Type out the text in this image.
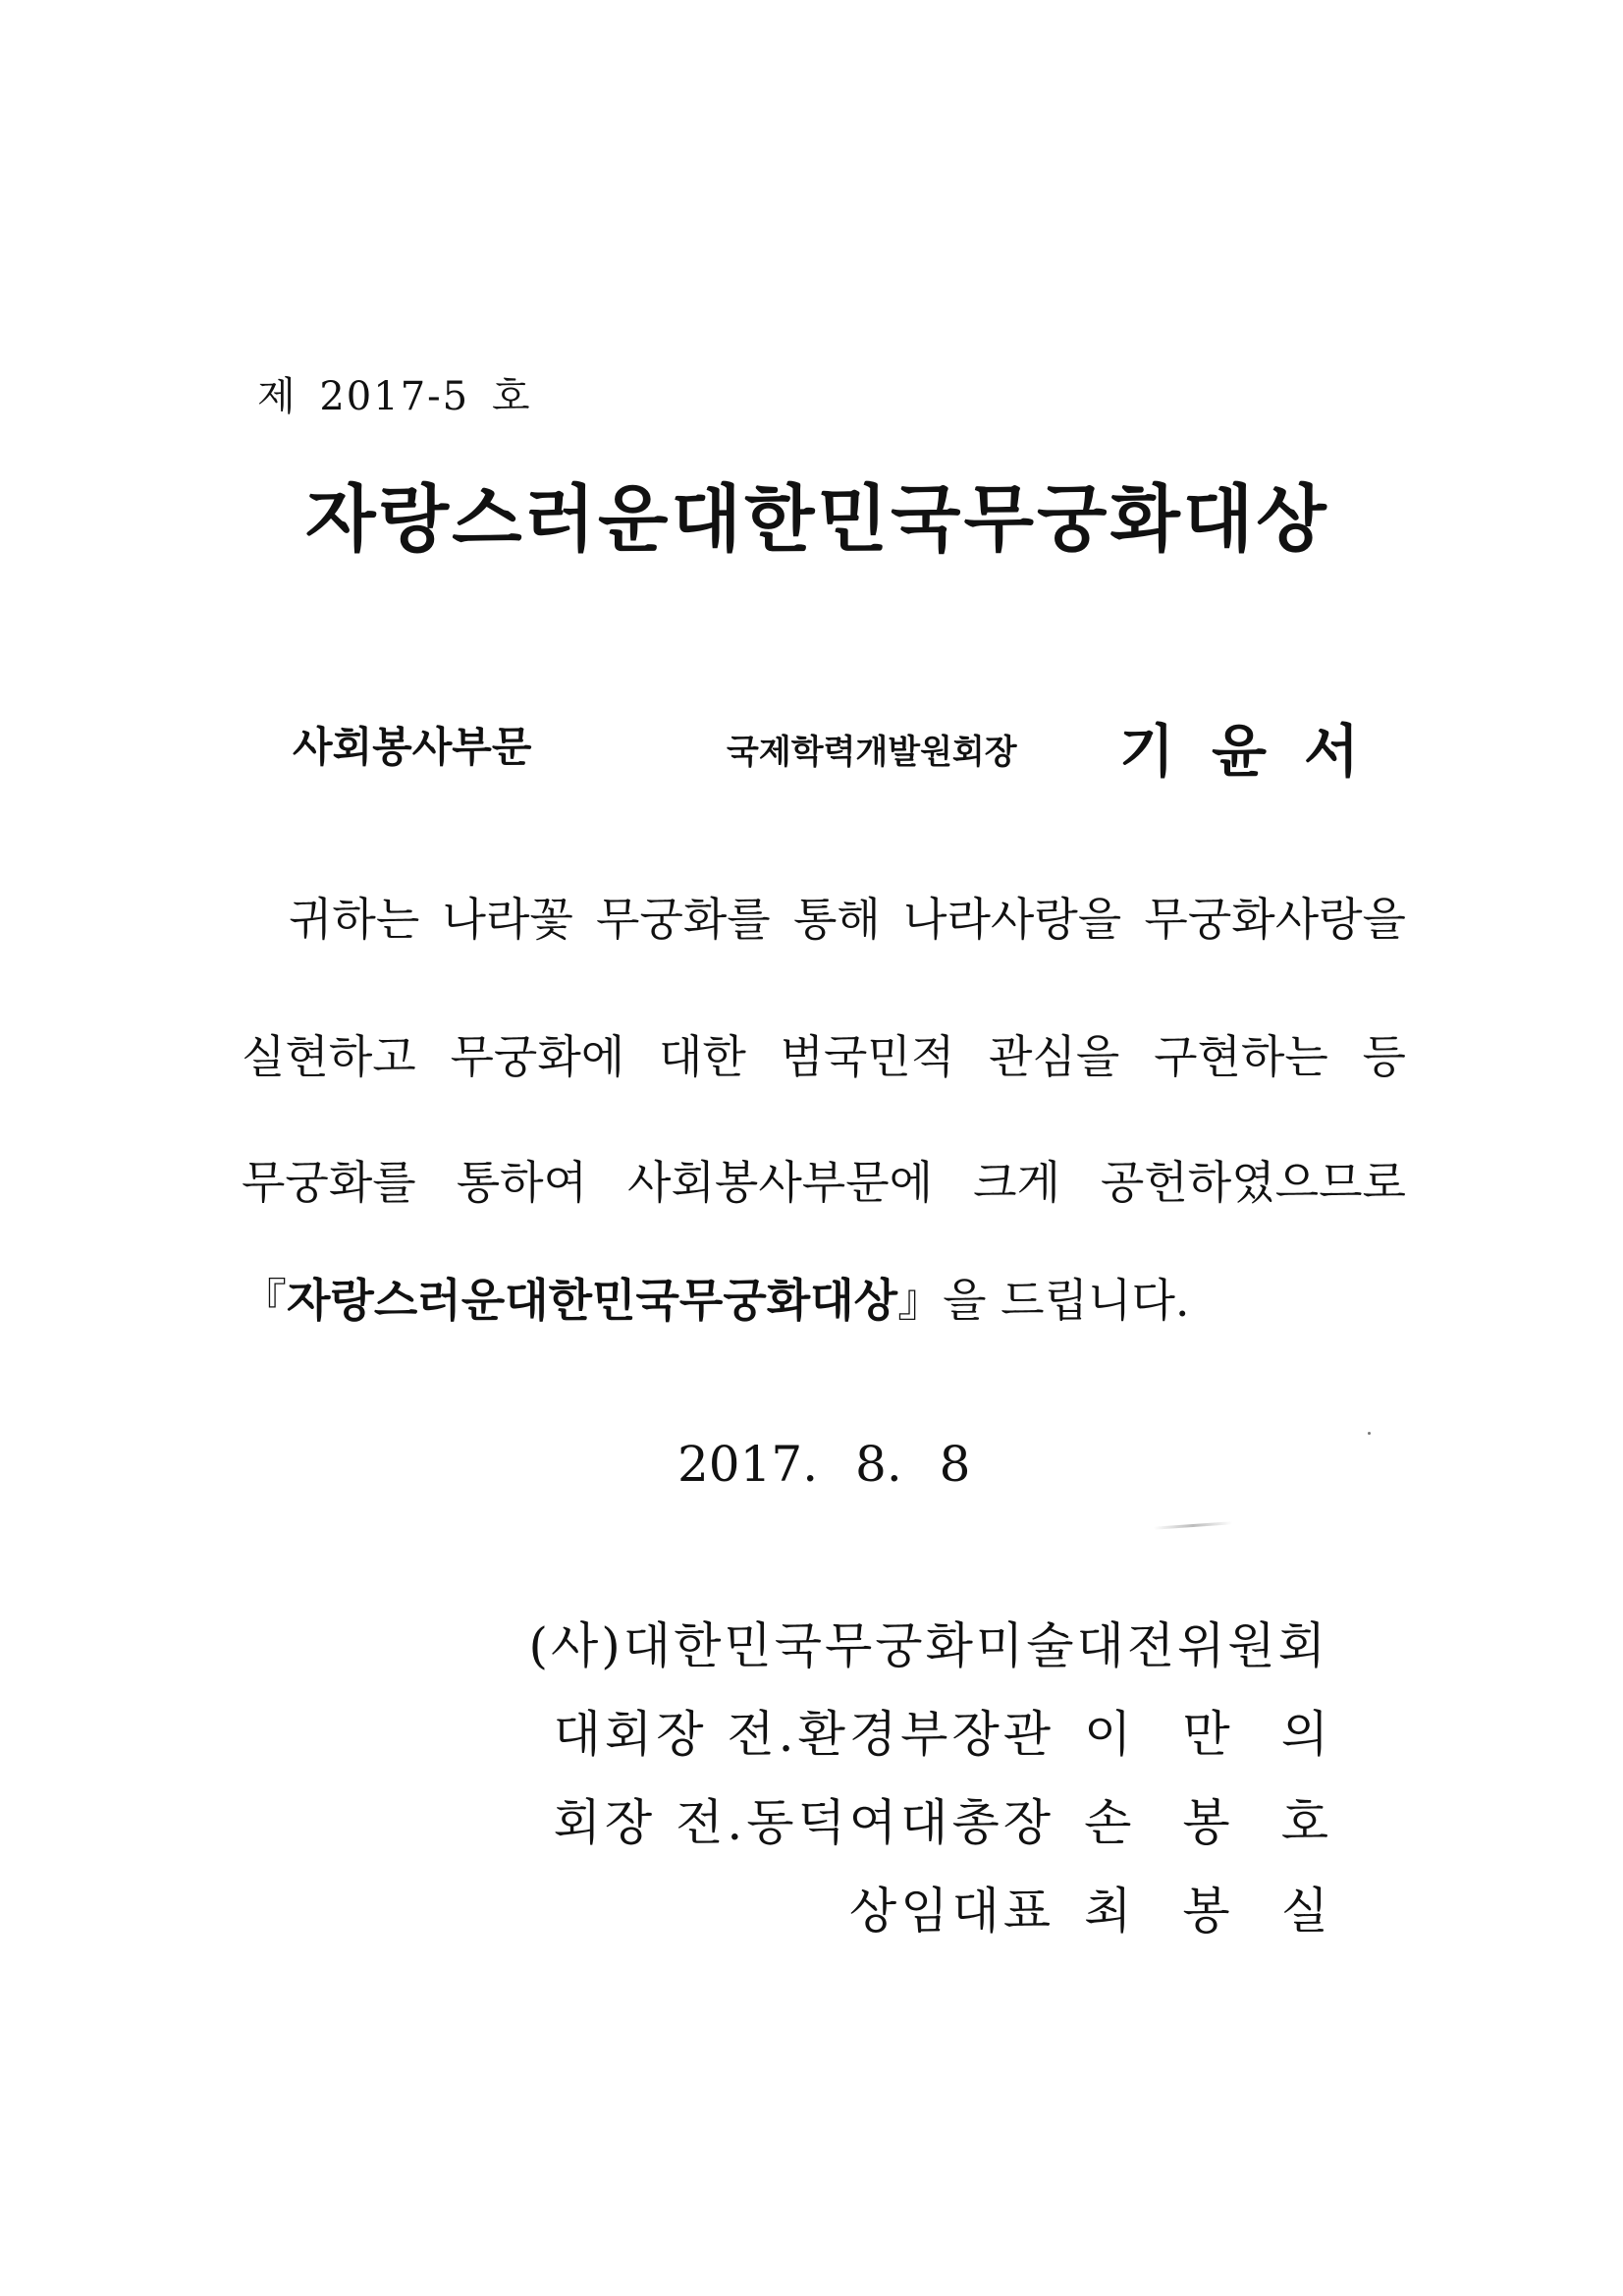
제 2017-5 호
자랑스러운대한민국무궁화대상
사회봉사부문	국제학력개발원회장 기윤서
귀하는 나라꽃 무궁화를 통해 나라사랑을 무궁화사랑을
실현하고 무궁화에 대한 범국민적 관심을 구현하는 등
무궁화를 통하여 사회봉사부문에 크게 공헌하였으므로
『자랑스러운대한민국무궁화대상』을 드립니다.
2017. 8. 8
(사)대한민국무궁화미술대전위원회
대회장 전.환경부장관 이만의
회장 전.동덕여대총장 손봉호
상임대표 최봉실
